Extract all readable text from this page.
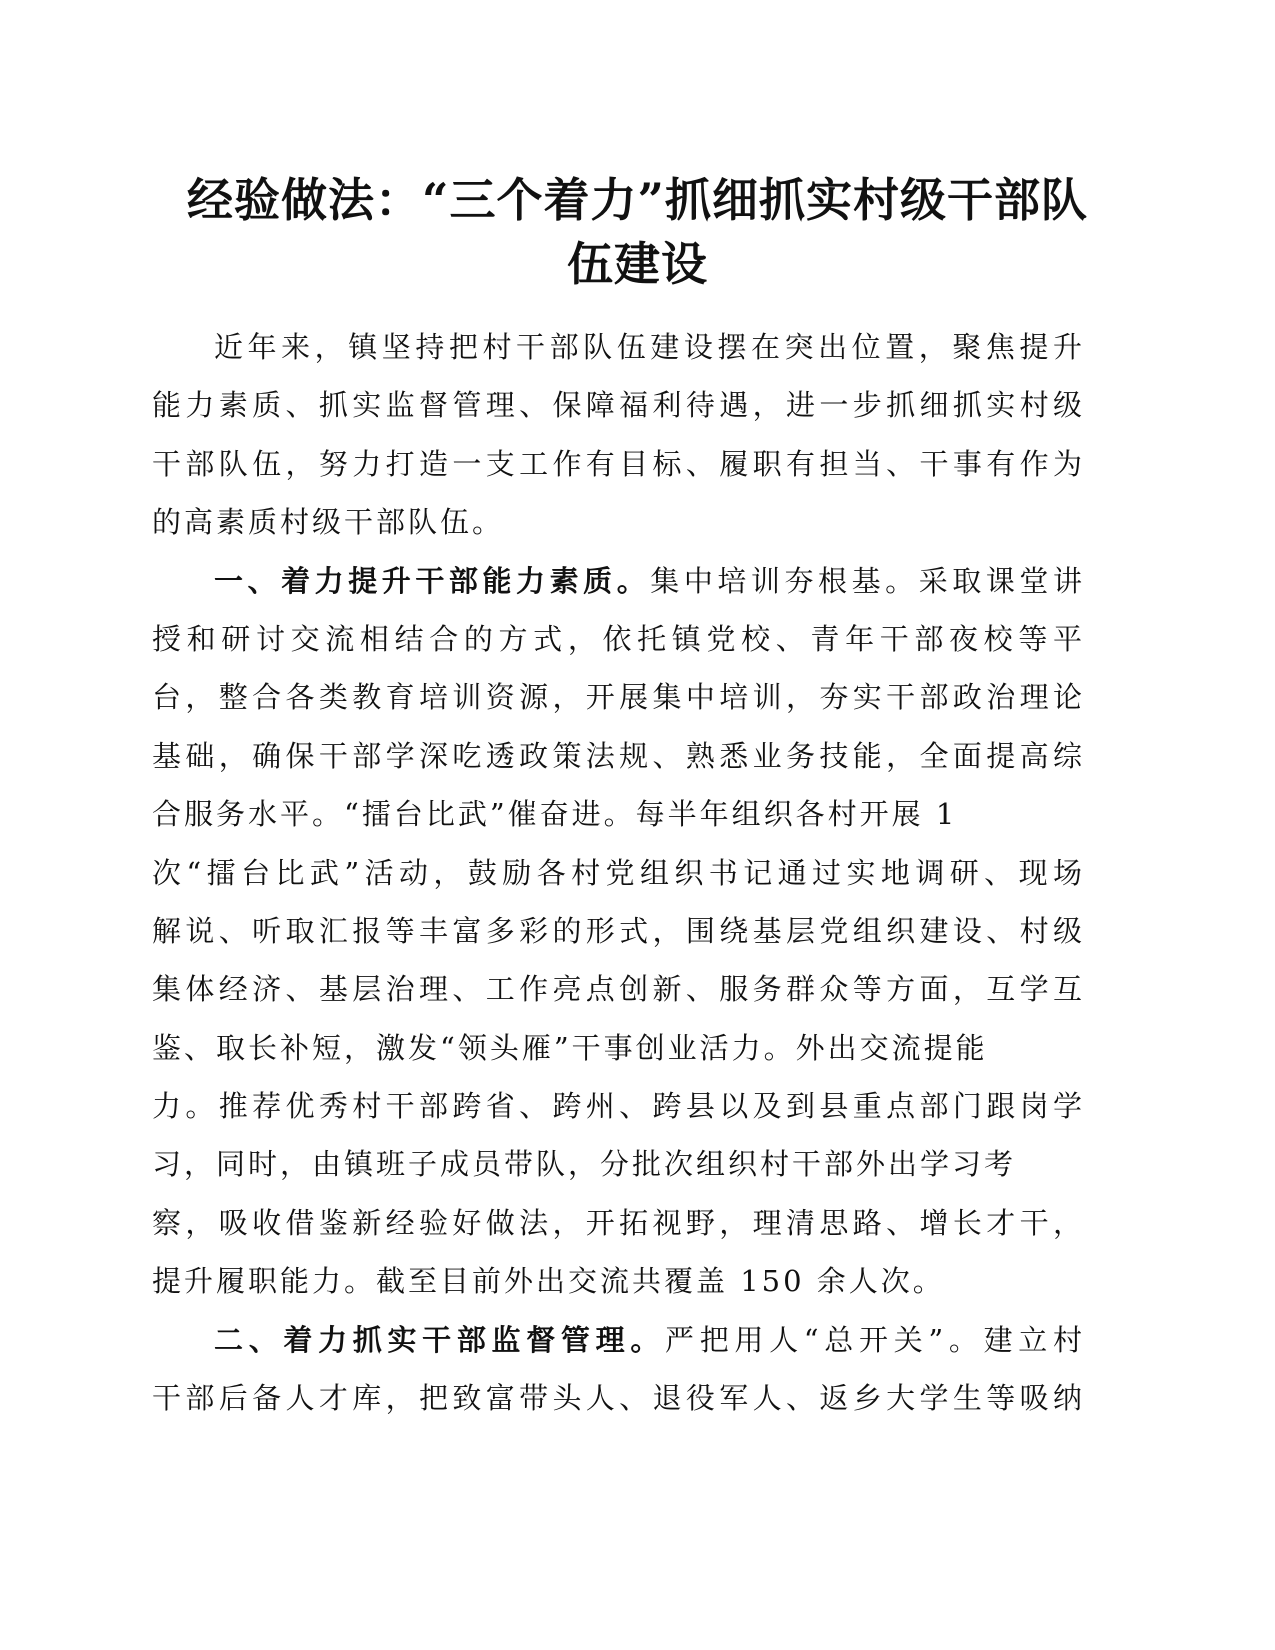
经验做法：“三个着力”抓细抓实村级干部队
伍建设
近年来，镇坚持把村干部队伍建设摆在突出位置，聚焦提升
能力素质、抓实监督管理、保障福利待遇，进一步抓细抓实村级
干部队伍，努力打造一支工作有目标、履职有担当、干事有作为
的高素质村级干部队伍。
一、着力提升干部能力素质。集中培训夯根基。采取课堂讲
授和研讨交流相结合的方式，依托镇党校、青年干部夜校等平
台，整合各类教育培训资源，开展集中培训，夯实干部政治理论
基础，确保干部学深吃透政策法规、熟悉业务技能，全面提高综
合服务水平。“擂台比武”催奋进。每半年组织各村开展 1
次“擂台比武”活动，鼓励各村党组织书记通过实地调研、现场
解说、听取汇报等丰富多彩的形式，围绕基层党组织建设、村级
集体经济、基层治理、工作亮点创新、服务群众等方面，互学互
鉴、取长补短，激发“领头雁”干事创业活力。外出交流提能
力。推荐优秀村干部跨省、跨州、跨县以及到县重点部门跟岗学
习，同时，由镇班子成员带队，分批次组织村干部外出学习考
察，吸收借鉴新经验好做法，开拓视野，理清思路、增长才干，
提升履职能力。截至目前外出交流共覆盖 150 余人次。
二、着力抓实干部监督管理。严把用人“总开关”。建立村
干部后备人才库，把致富带头人、退役军人、返乡大学生等吸纳
